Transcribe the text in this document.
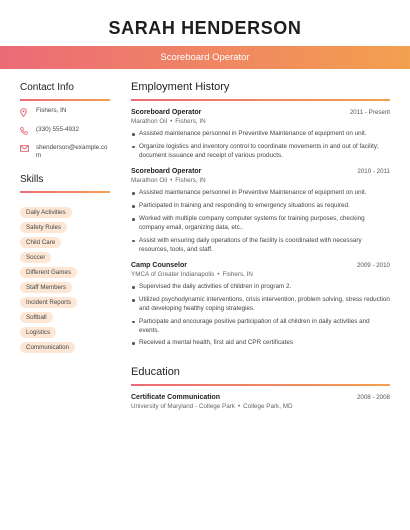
SARAH HENDERSON
Scoreboard Operator
Contact Info
Fishers, IN
(330) 555-4932
shenderson@example.com
Skills
Daily Activities
Safety Rules
Child Care
Soccer
Different Games
Staff Members
Incident Reports
Softball
Logistics
Communication
Employment History
Scoreboard Operator	2011 - Present
Marathon Oil • Fishers, IN
Assisted maintenance personnel in Preventive Maintenance of equipment on unit.
Organize logistics and inventory control to coordinate movements in and out of facility; document issuance and receipt of various products.
Scoreboard Operator	2010 - 2011
Marathon Oil • Fishers, IN
Assisted maintenance personnel in Preventive Maintenance of equipment on unit.
Participated in training and responding to emergency situations as required.
Worked with multiple company computer systems for training purposes, checking company email, organizing data, etc..
Assist with ensuring daily operations of the facility is coordinated with necessary resources, tools, and staff.
Camp Counselor	2009 - 2010
YMCA of Greater Indianapolis • Fishers, IN
Supervised the daily activities of children in program 2.
Utilized psychodynamic interventions, crisis intervention, problem solving, stress reduction and developing healthy coping strategies.
Participate and encourage positive participation of all children in daily activities and events.
Received a mental health, first aid and CPR certificates
Education
Certificate Communication	2008 - 2008
University of Maryland - College Park • College Park, MD
